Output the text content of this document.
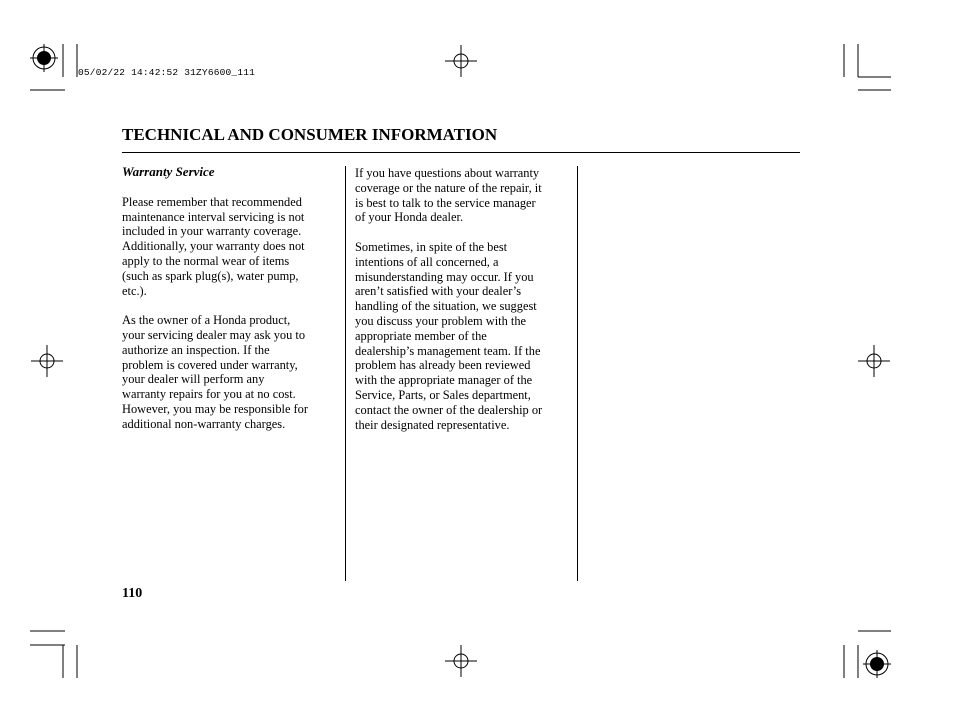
05/02/22 14:42:52 31ZY6600_111
TECHNICAL AND CONSUMER INFORMATION
Warranty Service

Please remember that recommended
maintenance interval servicing is not
included in your warranty coverage.
Additionally, your warranty does not
apply to the normal wear of items
(such as spark plug(s), water pump,
etc.).

As the owner of a Honda product,
your servicing dealer may ask you to
authorize an inspection. If the
problem is covered under warranty,
your dealer will perform any
warranty repairs for you at no cost.
However, you may be responsible for
additional non-warranty charges.

If you have questions about warranty
coverage or the nature of the repair, it
is best to talk to the service manager
of your Honda dealer.

Sometimes, in spite of the best
intentions of all concerned, a
misunderstanding may occur. If you
aren’t satisfied with your dealer’s
handling of the situation, we suggest
you discuss your problem with the
appropriate member of the
dealership’s management team. If the
problem has already been reviewed
with the appropriate manager of the
Service, Parts, or Sales department,
contact the owner of the dealership or
their designated representative.

110
